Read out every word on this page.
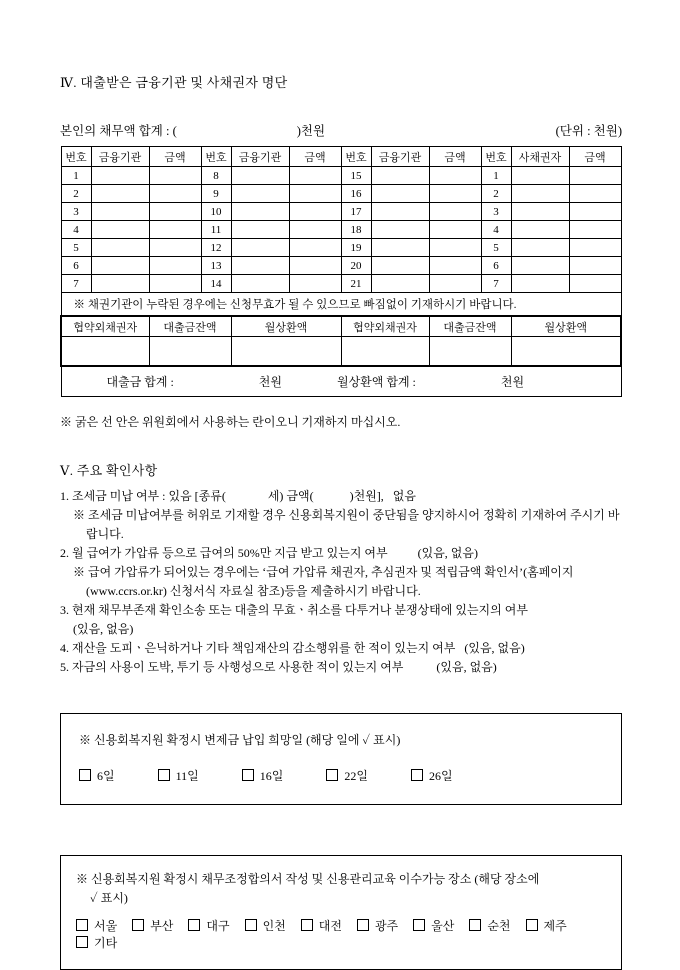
Ⅳ. 대출받은 금융기관 및 사채권자 명단
본인의 채무액 합계 : (	)천원	(단위 : 천원)
번호	금융기관	금액	번호	금융기관	금액	번호	금융기관	금액	번호	사채권자	금액
1			8			15			1		
2			9			16			2		
3			10			17			3		
4			11			18			4		
5			12			19			5		
6			13			20			6		
7			14			21			7		
※ 채권기관이 누락된 경우에는 신청무효가 될 수 있으므로 빠짐없이 기재하시기 바랍니다.											
협약외채권자		대출금잔액		월상환액		협약외채권자		대출금잔액		월상환액	

대출금 합계 : 천원 월상환액 합계 : 천원											
※ 굵은 선 안은 위원회에서 사용하는 란이오니 기재하지 마십시오.
Ⅴ. 주요 확인사항
1. 조세금 미납 여부 : 있음 [종류(              세) 금액(            )천원],   없음
※ 조세금 미납여부를 허위로 기재할 경우 신용회복지원이 중단됨을 양지하시어 정확히 기재하여 주시기 바랍니다.
2. 월 급여가 가압류 등으로 급여의 50%만 지급 받고 있는지 여부          (있음, 없음)
※ 급여 가압류가 되어있는 경우에는 ‘급여 가압류 채권자, 추심권자 및 적립금액 확인서’(홈페이지(www.ccrs.or.kr) 신청서식 자료실 참조)등을 제출하시기 바랍니다.
3. 현재 채무부존재 확인소송 또는 대출의 무효ㆍ취소를 다투거나 분쟁상태에 있는지의 여부
(있음, 없음)
4. 재산을 도피ㆍ은닉하거나 기타 책임재산의 감소행위를 한 적이 있는지 여부   (있음, 없음)
5. 자금의 사용이 도박, 투기 등 사행성으로 사용한 적이 있는지 여부           (있음, 없음)
※ 신용회복지원 확정시 변제금 납입 희망일 (해당 일에 ✓ 표시)
6일	11일	16일	22일	26일
※ 신용회복지원 확정시 채무조정합의서 작성 및 신용관리교육 이수가능 장소 (해당 장소에
✓ 표시)
서울	부산	대구	인천	대전	광주	울산	순천	제주기타
